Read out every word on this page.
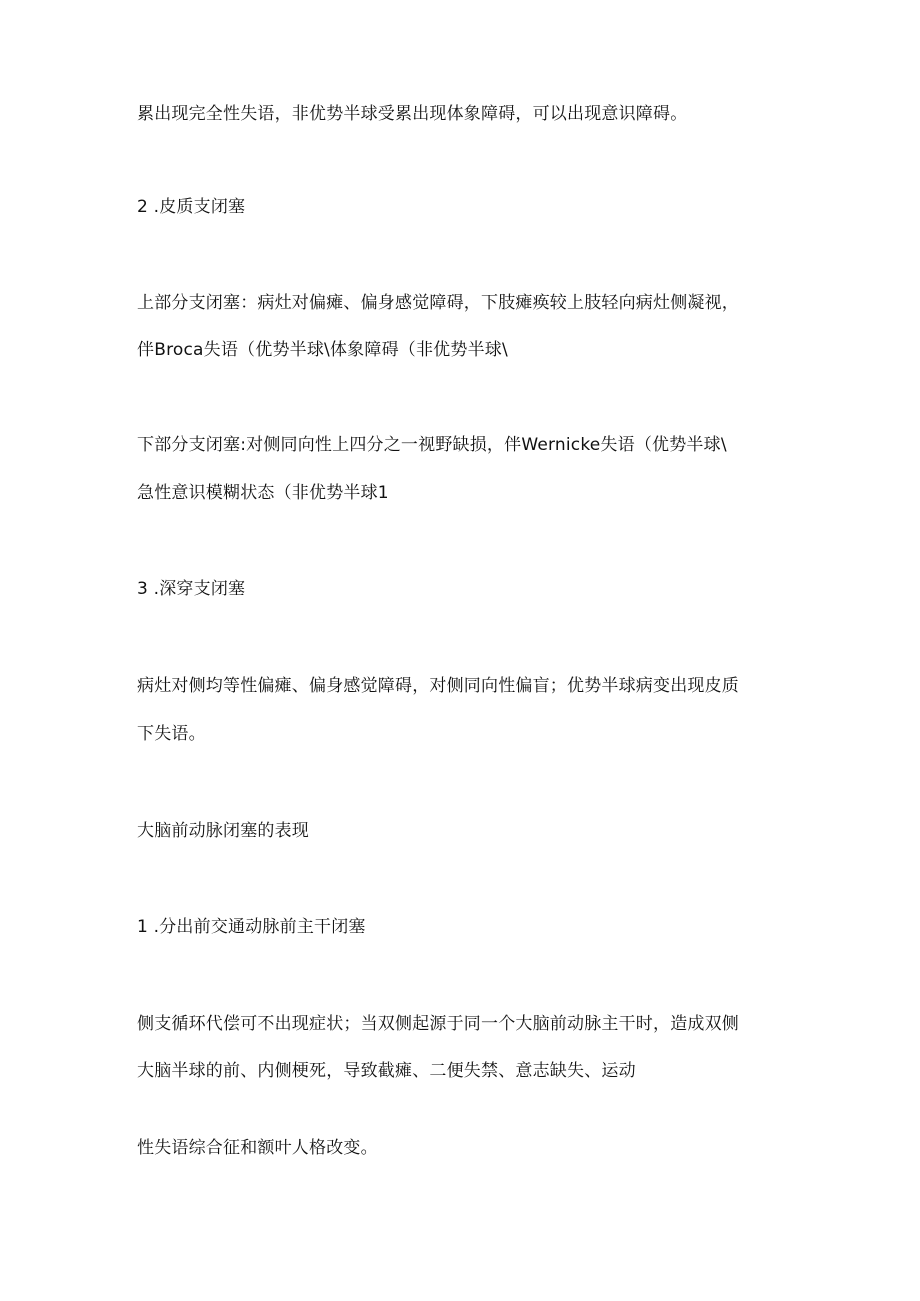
累出现完全性失语，非优势半球受累出现体象障碍，可以出现意识障碍。
2 .皮质支闭塞
上部分支闭塞：病灶对偏瘫、偏身感觉障碍，下肢瘫痪较上肢轻向病灶侧凝视，
伴Broca失语（优势半球\体象障碍（非优势半球\
下部分支闭塞:对侧同向性上四分之一视野缺损，伴Wernicke失语（优势半球\
急性意识模糊状态（非优势半球1
3 .深穿支闭塞
病灶对侧均等性偏瘫、偏身感觉障碍，对侧同向性偏盲；优势半球病变出现皮质
下失语。
大脑前动脉闭塞的表现
1 .分出前交通动脉前主干闭塞
侧支循环代偿可不出现症状；当双侧起源于同一个大脑前动脉主干时，造成双侧
大脑半球的前、内侧梗死，导致截瘫、二便失禁、意志缺失、运动
性失语综合征和额叶人格改变。
